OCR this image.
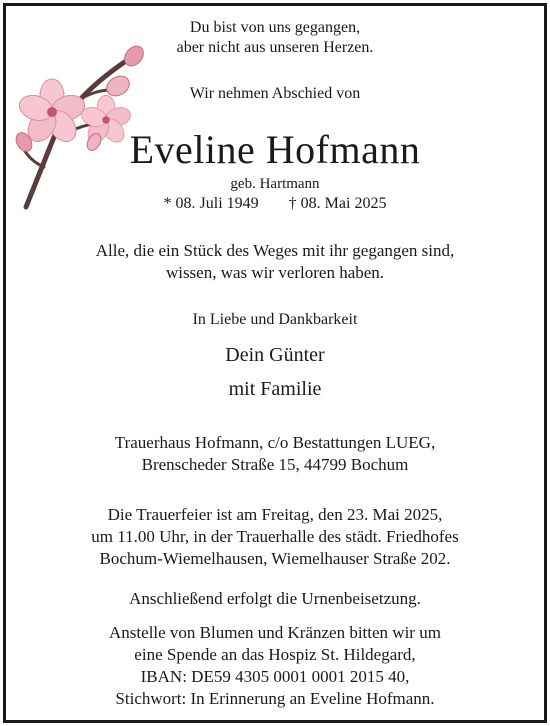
Du bist von uns gegangen,
aber nicht aus unseren Herzen.
Wir nehmen Abschied von
Eveline Hofmann
geb. Hartmann
* 08. Juli 1949 † 08. Mai 2025
Alle, die ein Stück des Weges mit ihr gegangen sind,
wissen, was wir verloren haben.
In Liebe und Dankbarkeit
Dein Günter
mit Familie
Trauerhaus Hofmann, c/o Bestattungen LUEG,
Brenscheder Straße 15, 44799 Bochum
Die Trauerfeier ist am Freitag, den 23. Mai 2025,
um 11.00 Uhr, in der Trauerhalle des städt. Friedhofes
Bochum-Wiemelhausen, Wiemelhauser Straße 202.
Anschließend erfolgt die Urnenbeisetzung.
Anstelle von Blumen und Kränzen bitten wir um
eine Spende an das Hospiz St. Hildegard,
IBAN: DE59 4305 0001 0001 2015 40,
Stichwort: In Erinnerung an Eveline Hofmann.
